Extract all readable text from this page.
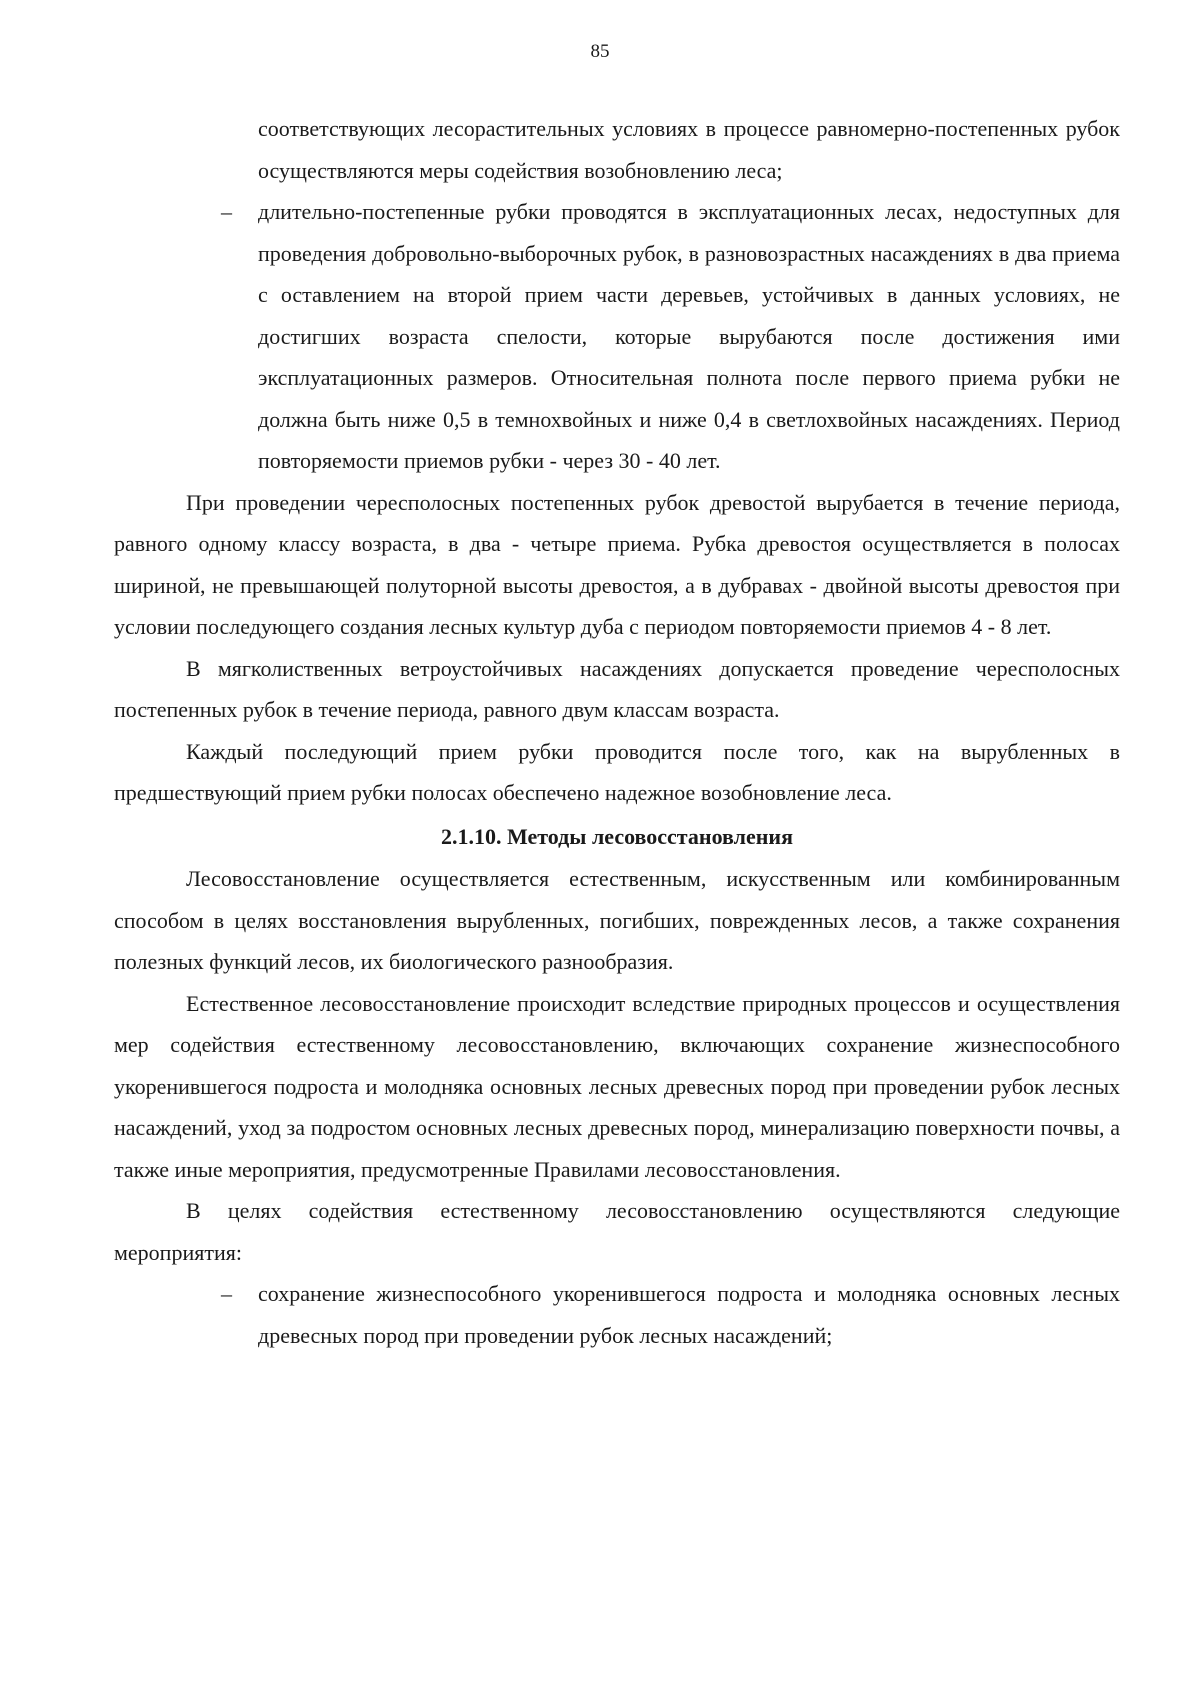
85

соответствующих лесорастительных условиях в процессе равномерно-постепенных рубок осуществляются меры содействия возобновлению леса;

– длительно-постепенные рубки проводятся в эксплуатационных лесах, недоступных для проведения добровольно-выборочных рубок, в разновозрастных насаждениях в два приема с оставлением на второй прием части деревьев, устойчивых в данных условиях, не достигших возраста спелости, которые вырубаются после достижения ими эксплуатационных размеров. Относительная полнота после первого приема рубки не должна быть ниже 0,5 в темнохвойных и ниже 0,4 в светлохвойных насаждениях. Период повторяемости приемов рубки - через 30 - 40 лет.

При проведении чересполосных постепенных рубок древостой вырубается в течение периода, равного одному классу возраста, в два - четыре приема. Рубка древостоя осуществляется в полосах шириной, не превышающей полуторной высоты древостоя, а в дубравах - двойной высоты древостоя при условии последующего создания лесных культур дуба с периодом повторяемости приемов 4 - 8 лет.

В мягколиственных ветроустойчивых насаждениях допускается проведение чересполосных постепенных рубок в течение периода, равного двум классам возраста.

Каждый последующий прием рубки проводится после того, как на вырубленных в предшествующий прием рубки полосах обеспечено надежное возобновление леса.

2.1.10. Методы лесовосстановления

Лесовосстановление осуществляется естественным, искусственным или комбинированным способом в целях восстановления вырубленных, погибших, поврежденных лесов, а также сохранения полезных функций лесов, их биологического разнообразия.

Естественное лесовосстановление происходит вследствие природных процессов и осуществления мер содействия естественному лесовосстановлению, включающих сохранение жизнеспособного укоренившегося подроста и молодняка основных лесных древесных пород при проведении рубок лесных насаждений, уход за подростом основных лесных древесных пород, минерализацию поверхности почвы, а также иные мероприятия, предусмотренные Правилами лесовосстановления.

В целях содействия естественному лесовосстановлению осуществляются следующие мероприятия:

– сохранение жизнеспособного укоренившегося подроста и молодняка основных лесных древесных пород при проведении рубок лесных насаждений;
